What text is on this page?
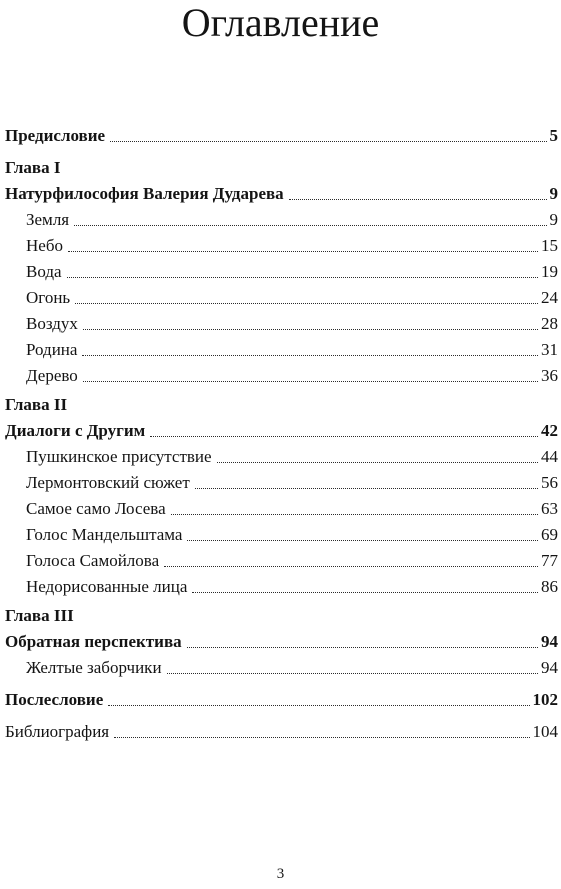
Оглавление
Предисловие	5
Глава I
Натурфилософия Валерия Дударева	9
Земля	9
Небо	15
Вода	19
Огонь	24
Воздух	28
Родина	31
Дерево	36
Глава II
Диалоги с Другим	42
Пушкинское присутствие	44
Лермонтовский сюжет	56
Самое само Лосева	63
Голос Мандельштама	69
Голоса Самойлова	77
Недорисованные лица	86
Глава III
Обратная перспектива	94
Желтые заборчики	94
Послесловие	102
Библиография	104
3
